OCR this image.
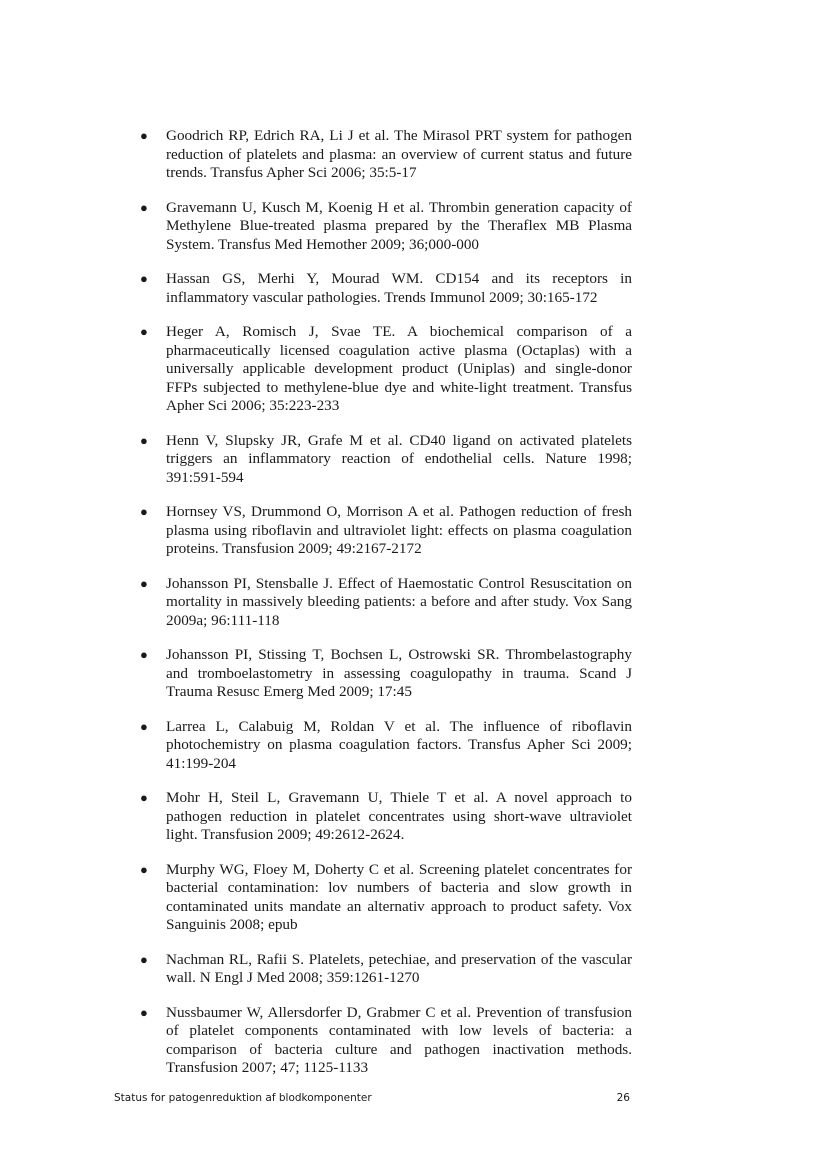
● Goodrich RP, Edrich RA, Li J et al. The Mirasol PRT system for pathogen reduction of platelets and plasma: an overview of current status and future trends. Transfus Apher Sci 2006; 35:5-17
● Gravemann U, Kusch M, Koenig H et al. Thrombin generation capacity of Methylene Blue-treated plasma prepared by the Theraflex MB Plasma System. Transfus Med Hemother 2009; 36;000-000
● Hassan GS, Merhi Y, Mourad WM. CD154 and its receptors in inflammatory vascular pathologies. Trends Immunol 2009; 30:165-172
● Heger A, Romisch J, Svae TE. A biochemical comparison of a pharmaceutically licensed coagulation active plasma (Octaplas) with a universally applicable development product (Uniplas) and single-donor FFPs subjected to methylene-blue dye and white-light treatment. Transfus Apher Sci 2006; 35:223-233
● Henn V, Slupsky JR, Grafe M et al. CD40 ligand on activated platelets triggers an inflammatory reaction of endothelial cells. Nature 1998; 391:591-594
● Hornsey VS, Drummond O, Morrison A et al. Pathogen reduction of fresh plasma using riboflavin and ultraviolet light: effects on plasma coagulation proteins. Transfusion 2009; 49:2167-2172
● Johansson PI, Stensballe J. Effect of Haemostatic Control Resuscitation on mortality in massively bleeding patients: a before and after study. Vox Sang 2009a; 96:111-118
● Johansson PI, Stissing T, Bochsen L, Ostrowski SR. Thrombelastography and tromboelastometry in assessing coagulopathy in trauma. Scand J Trauma Resusc Emerg Med 2009; 17:45
● Larrea L, Calabuig M, Roldan V et al. The influence of riboflavin photochemistry on plasma coagulation factors. Transfus Apher Sci 2009; 41:199-204
● Mohr H, Steil L, Gravemann U, Thiele T et al. A novel approach to pathogen reduction in platelet concentrates using short-wave ultraviolet light. Transfusion 2009; 49:2612-2624.
● Murphy WG, Floey M, Doherty C et al. Screening platelet concentrates for bacterial contamination: lov numbers of bacteria and slow growth in contaminated units mandate an alternativ approach to product safety. Vox Sanguinis 2008; epub
● Nachman RL, Rafii S. Platelets, petechiae, and preservation of the vascular wall. N Engl J Med 2008; 359:1261-1270
● Nussbaumer W, Allersdorfer D, Grabmer C et al. Prevention of transfusion of platelet components contaminated with low levels of bacteria: a comparison of bacteria culture and pathogen inactivation methods. Transfusion 2007; 47; 1125-1133
Status for patogenreduktion af blodkomponenter	26
